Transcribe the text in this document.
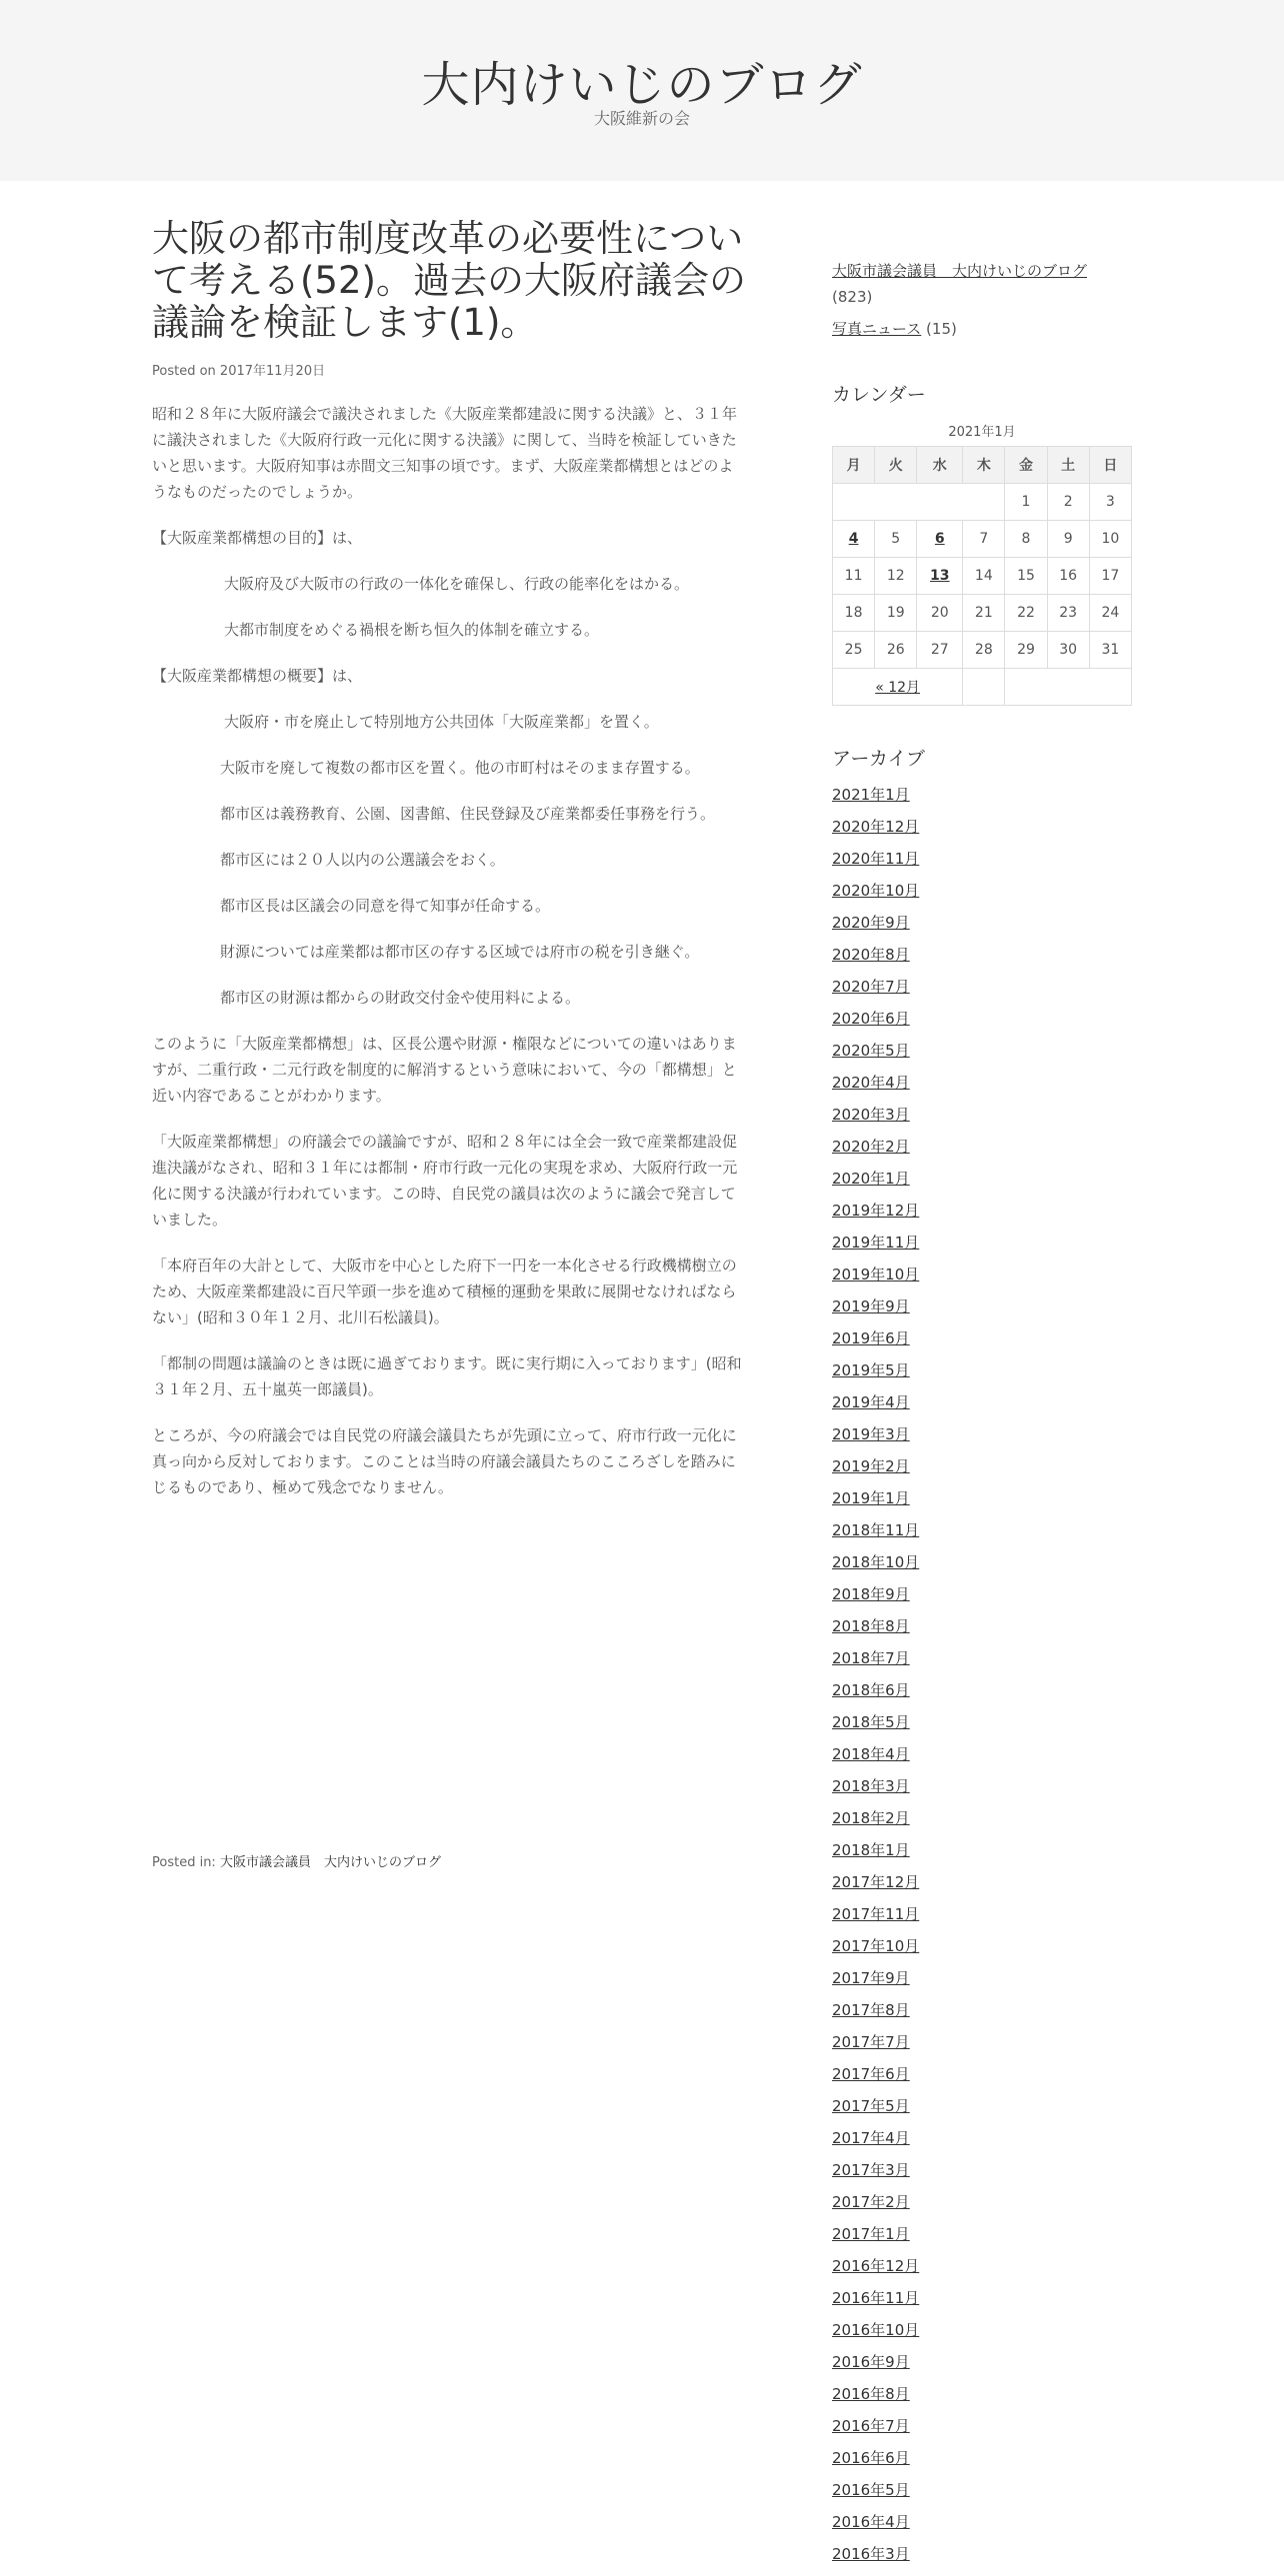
大内けいじのブログ

大阪維新の会

大阪の都市制度改革の必要性について考える(52)。過去の大阪府議会の議論を検証します(1)。
Posted on 2017年11月20日

昭和２８年に大阪府議会で議決されました《大阪産業都建設に関する決議》と、３１年に議決されました《大阪府行政一元化に関する決議》に関して、当時を検証していきたいと思います。大阪府知事は赤間文三知事の頃です。まず、大阪産業都構想とはどのようなものだったのでしょうか。

【大阪産業都構想の目的】は、

大阪府及び大阪市の行政の一体化を確保し、行政の能率化をはかる。

大都市制度をめぐる禍根を断ち恒久的体制を確立する。

【大阪産業都構想の概要】は、

大阪府・市を廃止して特別地方公共団体「大阪産業都」を置く。

大阪市を廃して複数の都市区を置く。他の市町村はそのまま存置する。

都市区は義務教育、公園、図書館、住民登録及び産業都委任事務を行う。

都市区には２０人以内の公選議会をおく。

都市区長は区議会の同意を得て知事が任命する。

財源については産業都は都市区の存する区域では府市の税を引き継ぐ。

都市区の財源は都からの財政交付金や使用料による。

このように「大阪産業都構想」は、区長公選や財源・権限などについての違いはありますが、二重行政・二元行政を制度的に解消するという意味において、今の「都構想」と近い内容であることがわかります。

「大阪産業都構想」の府議会での議論ですが、昭和２８年には全会一致で産業都建設促進決議がなされ、昭和３１年には都制・府市行政一元化の実現を求め、大阪府行政一元化に関する決議が行われています。この時、自民党の議員は次のように議会で発言していました。

「本府百年の大計として、大阪市を中心とした府下一円を一本化させる行政機構樹立のため、大阪産業都建設に百尺竿頭一歩を進めて積極的運動を果敢に展開せなければならない」(昭和３０年１２月、北川石松議員)。

「都制の問題は議論のときは既に過ぎております。既に実行期に入っております」(昭和３１年２月、五十嵐英一郎議員)。

ところが、今の府議会では自民党の府議会議員たちが先頭に立って、府市行政一元化に真っ向から反対しております。このことは当時の府議会議員たちのこころざしを踏みにじるものであり、極めて残念でなりません。

Posted in: 大阪市議会議員　大内けいじのブログ
大阪市議会議員　大内けいじのブログ
(823)
写真ニュース (15)
カレンダー
2021年1月
月	火	水	木	金	土	日
				1	2	3
4	5	6	7	8	9	10
11	12	13	14	15	16	17
18	19	20	21	22	23	24
25	26	27	28	29	30	31
« 12月						
アーカイブ
2021年1月
2020年12月
2020年11月
2020年10月
2020年9月
2020年8月
2020年7月
2020年6月
2020年5月
2020年4月
2020年3月
2020年2月
2020年1月
2019年12月
2019年11月
2019年10月
2019年9月
2019年6月
2019年5月
2019年4月
2019年3月
2019年2月
2019年1月
2018年11月
2018年10月
2018年9月
2018年8月
2018年7月
2018年6月
2018年5月
2018年4月
2018年3月
2018年2月
2018年1月
2017年12月
2017年11月
2017年10月
2017年9月
2017年8月
2017年7月
2017年6月
2017年5月
2017年4月
2017年3月
2017年2月
2017年1月
2016年12月
2016年11月
2016年10月
2016年9月
2016年8月
2016年7月
2016年6月
2016年5月
2016年4月
2016年3月
